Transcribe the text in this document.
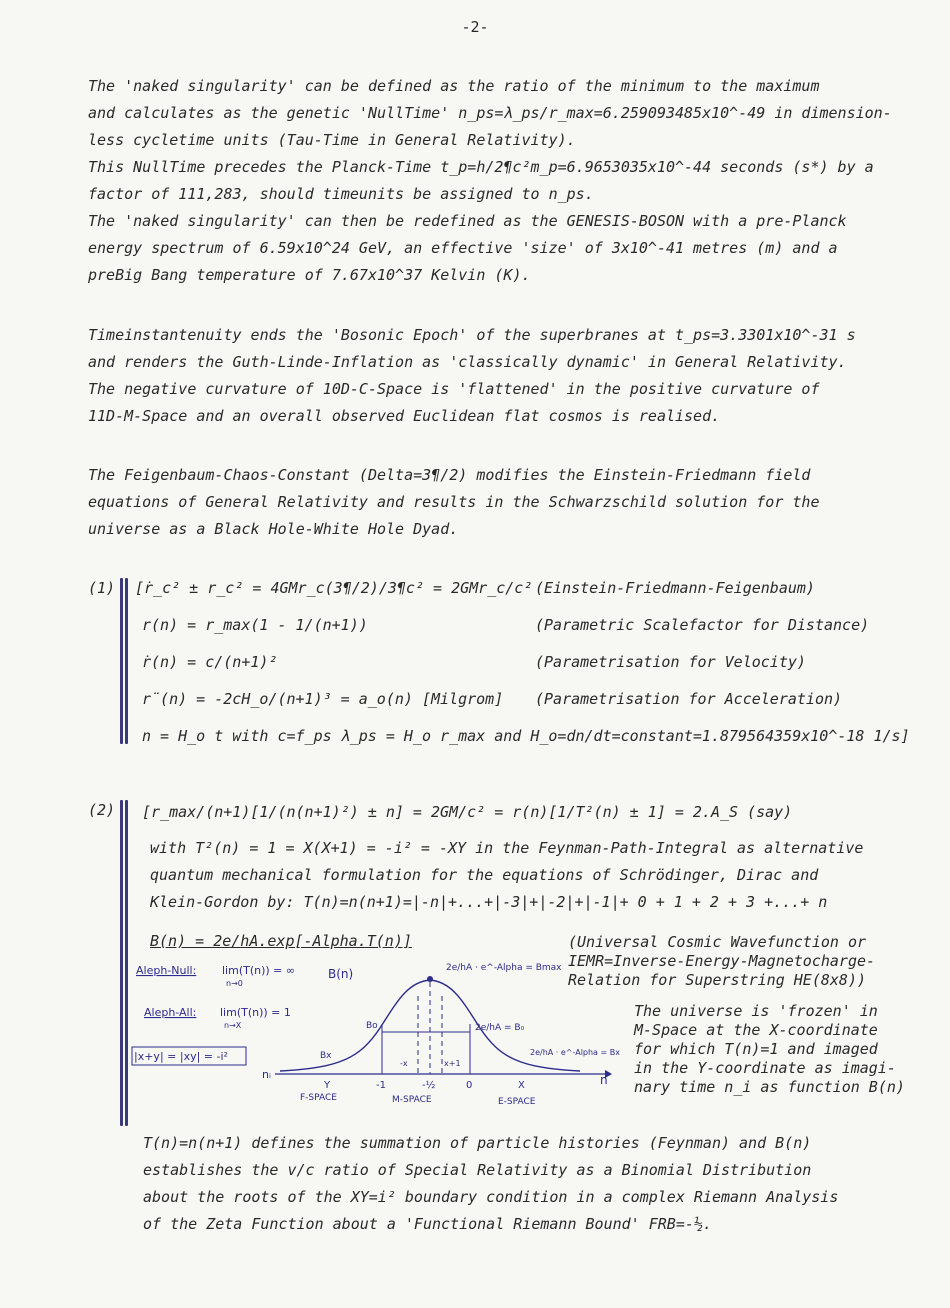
-2-
The 'naked singularity' can be defined as the ratio of the minimum to the maximum
and calculates as the genetic 'NullTime' n_ps=λ_ps/r_max=6.259093485x10^-49 in dimension-
less cycletime units (Tau-Time in General Relativity).
This NullTime precedes the Planck-Time t_p=h/2¶c²m_p=6.9653035x10^-44 seconds (s*) by a
factor of 111,283, should timeunits be assigned to n_ps.
The 'naked singularity' can then be redefined as the GENESIS-BOSON with a pre-Planck
energy spectrum of 6.59x10^24 GeV, an effective 'size' of 3x10^-41 metres (m) and a
preBig Bang temperature of 7.67x10^37 Kelvin (K).
Timeinstantenuity ends the 'Bosonic Epoch' of the superbranes at t_ps=3.3301x10^-31 s
and renders the Guth-Linde-Inflation as 'classically dynamic' in General Relativity.
The negative curvature of 10D-C-Space is 'flattened' in the positive curvature of
11D-M-Space and an overall observed Euclidean flat cosmos is realised.
The Feigenbaum-Chaos-Constant (Delta=3¶/2) modifies the Einstein-Friedmann field
equations of General Relativity and results in the Schwarzschild solution for the
universe as a Black Hole-White Hole Dyad.
(1) [ṙ_c² ± r_c² = 4GMr_c(3¶/2)/3¶c² = 2GMr_c/c² (Einstein-Friedmann-Feigenbaum)
r(n) = r_max(1 - 1/(n+1))	(Parametric Scalefactor for Distance)
ṙ(n) = c/(n+1)²	(Parametrisation for Velocity)
r̈(n) = -2cH_o/(n+1)³ = a_o(n) [Milgrom] (Parametrisation for Acceleration)
n = H_o t with c=f_ps λ_ps = H_o r_max and H_o=dn/dt=constant=1.879564359x10^-18 1/s]
(2) [r_max/(n+1)[1/(n(n+1)²) ± n] = 2GM/c² = r(n)[1/T²(n) ± 1] = 2.A_S (say)
with T²(n) = 1 = X(X+1) = -i² = -XY in the Feynman-Path-Integral as alternative
quantum mechanical formulation for the equations of Schrödinger, Dirac and
Klein-Gordon by: T(n)=n(n+1)=|-n|+...+|-3|+|-2|+|-1|+ 0 + 1 + 2 + 3 +...+ n
B(n) = 2e/hA.exp[-Alpha.T(n)]	(Universal Cosmic Wavefunction or
IEMR=Inverse-Energy-Magnetocharge-
Relation for Superstring HE(8x8))
The universe is 'frozen' in
M-Space at the X-coordinate
for which T(n)=1 and imaged
in the Y-coordinate as imagi-
nary time n_i as function B(n)
Aleph-Null: lim(T(n)) = ∞
n→0
Aleph-All: lim(T(n)) = 1
n→X
|x+y| = |xy| = -i²
B(n)
nᵢ	n
2e/hA · e^-Alpha = Bmax
2e/hA = B₀
2e/hA · e^-Alpha = Bx
Bx
Bo
-x	x+1
Y	-1	-½	0	X
F-SPACE	M-SPACE	E-SPACE
T(n)=n(n+1) defines the summation of particle histories (Feynman) and B(n)
establishes the v/c ratio of Special Relativity as a Binomial Distribution
about the roots of the XY=i² boundary condition in a complex Riemann Analysis
of the Zeta Function about a 'Functional Riemann Bound' FRB=-½.
